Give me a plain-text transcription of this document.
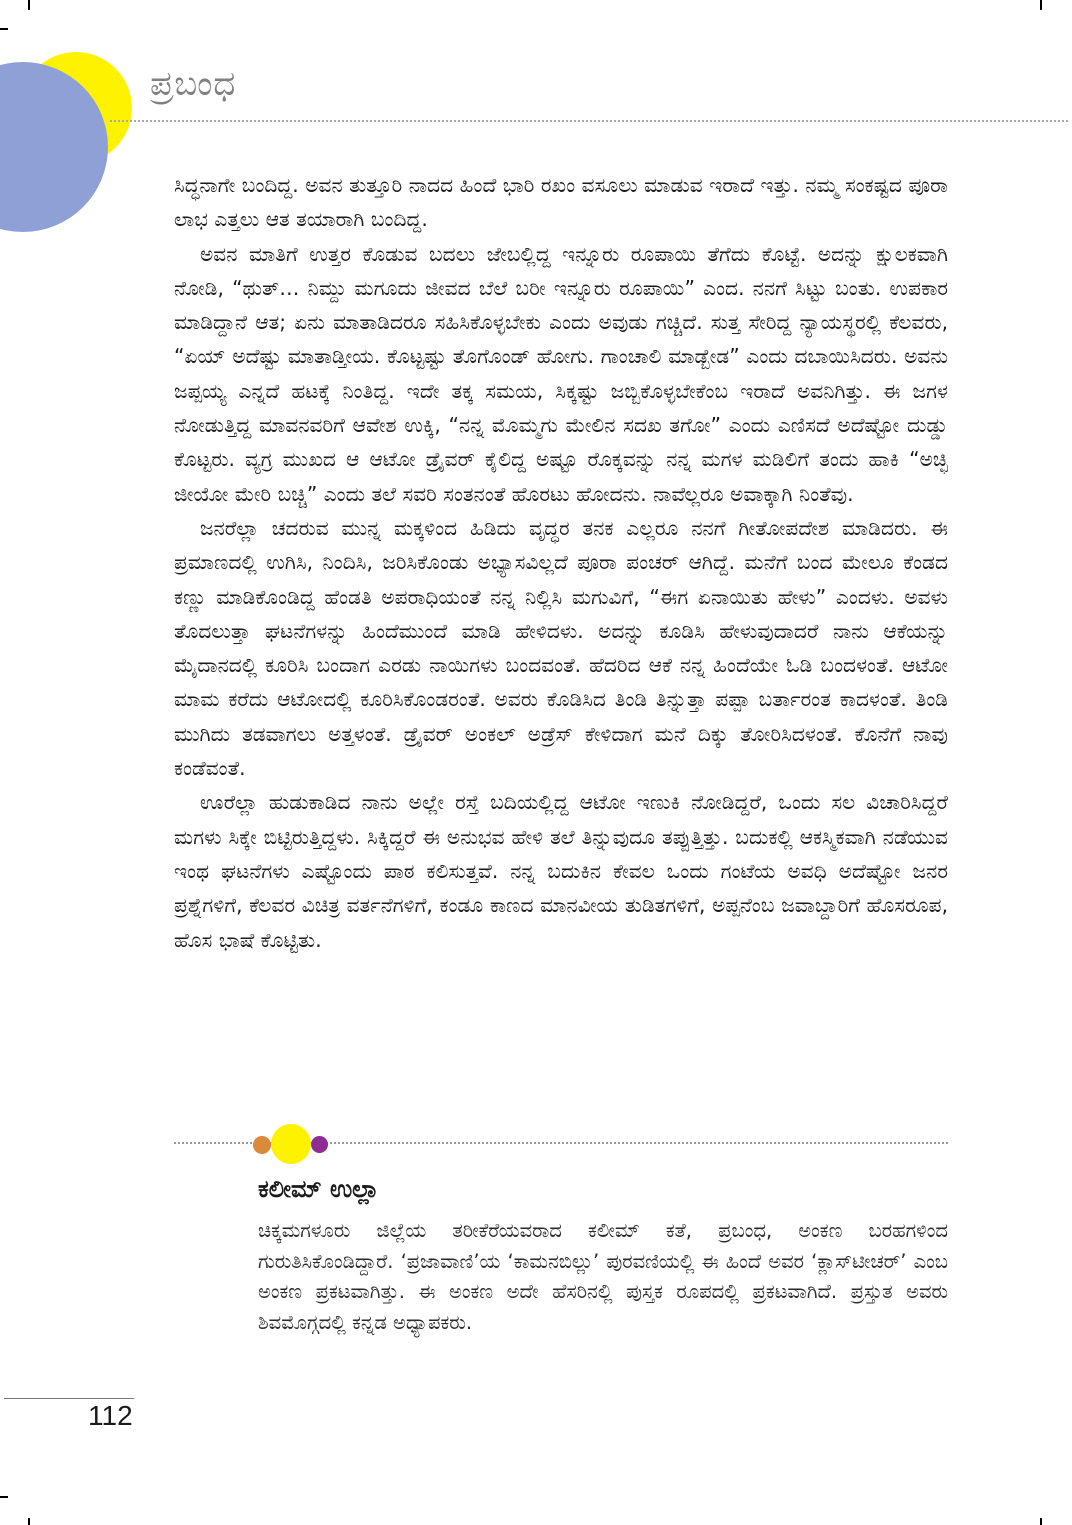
ಪ್ರಬಂಧ

ಸಿದ್ಧನಾಗೇ ಬಂದಿದ್ದ. ಅವನ ತುತ್ತೂರಿ ನಾದದ ಹಿಂದೆ ಭಾರಿ ರಖಂ ವಸೂಲು ಮಾಡುವ ಇರಾದೆ ಇತ್ತು. ನಮ್ಮ ಸಂಕಷ್ಟದ ಪೂರಾ ಲಾಭ ಎತ್ತಲು ಆತ ತಯಾರಾಗಿ ಬಂದಿದ್ದ.

ಅವನ ಮಾತಿಗೆ ಉತ್ತರ ಕೊಡುವ ಬದಲು ಜೇಬಲ್ಲಿದ್ದ ಇನ್ನೂರು ರೂಪಾಯಿ ತೆಗೆದು ಕೊಟ್ಟೆ. ಅದನ್ನು ಕ್ಷುಲಕವಾಗಿ ನೋಡಿ, “ಥುತ್… ನಿಮ್ದು ಮಗೂದು ಜೀವದ ಬೆಲೆ ಬರೀ ಇನ್ನೂರು ರೂಪಾಯಿ” ಎಂದ. ನನಗೆ ಸಿಟ್ಟು ಬಂತು. ಉಪಕಾರ ಮಾಡಿದ್ದಾನೆ ಆತ; ಏನು ಮಾತಾಡಿದರೂ ಸಹಿಸಿಕೊಳ್ಳಬೇಕು ಎಂದು ಅವುಡು ಗಚ್ಚಿದೆ. ಸುತ್ತ ಸೇರಿದ್ದ ನ್ಯಾಯಸ್ಥರಲ್ಲಿ ಕೆಲವರು, “ಏಯ್ ಅದೆಷ್ಟು ಮಾತಾಡ್ತೀಯ. ಕೊಟ್ಟಷ್ಟು ತೊಗೊಂಡ್ ಹೋಗು. ಗಾಂಚಾಲಿ ಮಾಡ್ಬೇಡ” ಎಂದು ದಬಾಯಿಸಿದರು. ಅವನು ಜಪ್ಪಯ್ಯ ಎನ್ನದೆ ಹಟಕ್ಕೆ ನಿಂತಿದ್ದ. ಇದೇ ತಕ್ಕ ಸಮಯ, ಸಿಕ್ಕಷ್ಟು ಜಬ್ಬಿಕೊಳ್ಳಬೇಕೆಂಬ ಇರಾದೆ ಅವನಿಗಿತ್ತು. ಈ ಜಗಳ ನೋಡುತ್ತಿದ್ದ ಮಾವನವರಿಗೆ ಆವೇಶ ಉಕ್ಕಿ, “ನನ್ನ ಮೊಮ್ಮಗು ಮೇಲಿನ ಸದಖ ತಗೋ” ಎಂದು ಎಣಿಸದೆ ಅದೆಷ್ಟೋ ದುಡ್ಡು ಕೊಟ್ಟರು. ವ್ಯಗ್ರ ಮುಖದ ಆ ಆಟೋ ಡ್ರೈವರ್ ಕೈಲಿದ್ದ ಅಷ್ಟೂ ರೊಕ್ಕವನ್ನು ನನ್ನ ಮಗಳ ಮಡಿಲಿಗೆ ತಂದು ಹಾಕಿ “ಅಚ್ಛಿ ಜೀಯೋ ಮೇರಿ ಬಚ್ಚಿ” ಎಂದು ತಲೆ ಸವರಿ ಸಂತನಂತೆ ಹೊರಟು ಹೋದನು. ನಾವೆಲ್ಲರೂ ಅವಾಕ್ಕಾಗಿ ನಿಂತೆವು.

ಜನರೆಲ್ಲಾ ಚದರುವ ಮುನ್ನ ಮಕ್ಕಳಿಂದ ಹಿಡಿದು ವೃದ್ಧರ ತನಕ ಎಲ್ಲರೂ ನನಗೆ ಗೀತೋಪದೇಶ ಮಾಡಿದರು. ಈ ಪ್ರಮಾಣದಲ್ಲಿ ಉಗಿಸಿ, ನಿಂದಿಸಿ, ಜರಿಸಿಕೊಂಡು ಅಭ್ಯಾಸವಿಲ್ಲದೆ ಪೂರಾ ಪಂಚರ್ ಆಗಿದ್ದೆ. ಮನೆಗೆ ಬಂದ ಮೇಲೂ ಕೆಂಡದ ಕಣ್ಣು ಮಾಡಿಕೊಂಡಿದ್ದ ಹೆಂಡತಿ ಅಪರಾಧಿಯಂತೆ ನನ್ನ ನಿಲ್ಲಿಸಿ ಮಗುವಿಗೆ, “ಈಗ ಏನಾಯಿತು ಹೇಳು” ಎಂದಳು. ಅವಳು ತೊದಲುತ್ತಾ ಘಟನೆಗಳನ್ನು ಹಿಂದೆಮುಂದೆ ಮಾಡಿ ಹೇಳಿದಳು. ಅದನ್ನು ಕೂಡಿಸಿ ಹೇಳುವುದಾದರೆ ನಾನು ಆಕೆಯನ್ನು ಮೈದಾನದಲ್ಲಿ ಕೂರಿಸಿ ಬಂದಾಗ ಎರಡು ನಾಯಿಗಳು ಬಂದವಂತೆ. ಹೆದರಿದ ಆಕೆ ನನ್ನ ಹಿಂದೆಯೇ ಓಡಿ ಬಂದಳಂತೆ. ಆಟೋ ಮಾಮ ಕರೆದು ಆಟೋದಲ್ಲಿ ಕೂರಿಸಿಕೊಂಡರಂತೆ. ಅವರು ಕೊಡಿಸಿದ ತಿಂಡಿ ತಿನ್ನುತ್ತಾ ಪಪ್ಪಾ ಬರ್ತಾರಂತ ಕಾದಳಂತೆ. ತಿಂಡಿ ಮುಗಿದು ತಡವಾಗಲು ಅತ್ತಳಂತೆ. ಡ್ರೈವರ್ ಅಂಕಲ್ ಅಡ್ರೆಸ್ ಕೇಳಿದಾಗ ಮನೆ ದಿಕ್ಕು ತೋರಿಸಿದಳಂತೆ. ಕೊನೆಗೆ ನಾವು ಕಂಡೆವಂತೆ.

ಊರೆಲ್ಲಾ ಹುಡುಕಾಡಿದ ನಾನು ಅಲ್ಲೇ ರಸ್ತೆ ಬದಿಯಲ್ಲಿದ್ದ ಆಟೋ ಇಣುಕಿ ನೋಡಿದ್ದರೆ, ಒಂದು ಸಲ ವಿಚಾರಿಸಿದ್ದರೆ ಮಗಳು ಸಿಕ್ಕೇ ಬಿಟ್ಟಿರುತ್ತಿದ್ದಳು. ಸಿಕ್ಕಿದ್ದರೆ ಈ ಅನುಭವ ಹೇಳಿ ತಲೆ ತಿನ್ನುವುದೂ ತಪ್ಪುತ್ತಿತ್ತು. ಬದುಕಲ್ಲಿ ಆಕಸ್ಮಿಕವಾಗಿ ನಡೆಯುವ ಇಂಥ ಘಟನೆಗಳು ಎಷ್ಟೊಂದು ಪಾಠ ಕಲಿಸುತ್ತವೆ. ನನ್ನ ಬದುಕಿನ ಕೇವಲ ಒಂದು ಗಂಟೆಯ ಅವಧಿ ಅದೆಷ್ಟೋ ಜನರ ಪ್ರಶ್ನೆಗಳಿಗೆ, ಕೆಲವರ ವಿಚಿತ್ರ ವರ್ತನೆಗಳಿಗೆ, ಕಂಡೂ ಕಾಣದ ಮಾನವೀಯ ತುಡಿತಗಳಿಗೆ, ಅಪ್ಪನೆಂಬ ಜವಾಬ್ದಾರಿಗೆ ಹೊಸರೂಪ, ಹೊಸ ಭಾಷೆ ಕೊಟ್ಟಿತು.

ಕಲೀಮ್ ಉಲ್ಲಾ

ಚಿಕ್ಕಮಗಳೂರು ಜಿಲ್ಲೆಯ ತರೀಕೆರೆಯವರಾದ ಕಲೀಮ್ ಕತೆ, ಪ್ರಬಂಧ, ಅಂಕಣ ಬರಹಗಳಿಂದ ಗುರುತಿಸಿಕೊಂಡಿದ್ದಾರೆ. ‘ಪ್ರಜಾವಾಣಿ’ಯ ‘ಕಾಮನಬಿಲ್ಲು’ ಪುರವಣಿಯಲ್ಲಿ ಈ ಹಿಂದೆ ಅವರ ‘ಕ್ಲಾಸ್‌ಟೀಚರ್’ ಎಂಬ ಅಂಕಣ ಪ್ರಕಟವಾಗಿತ್ತು. ಈ ಅಂಕಣ ಅದೇ ಹೆಸರಿನಲ್ಲಿ ಪುಸ್ತಕ ರೂಪದಲ್ಲಿ ಪ್ರಕಟವಾಗಿದೆ. ಪ್ರಸ್ತುತ ಅವರು ಶಿವಮೊಗ್ಗದಲ್ಲಿ ಕನ್ನಡ ಅಧ್ಯಾಪಕರು.

112
